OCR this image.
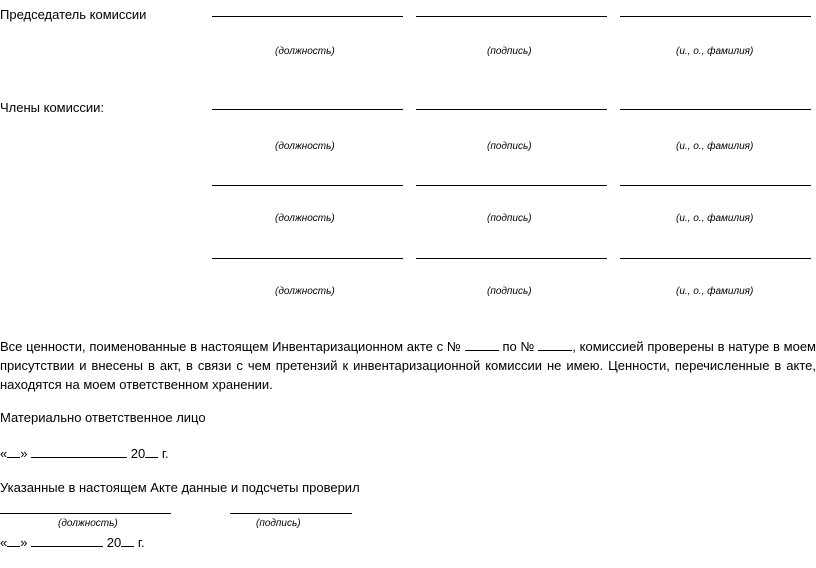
Председатель комиссии
(должность)	(подпись)	(и., о., фамилия)
Члены комиссии:
(должность)	(подпись)	(и., о., фамилия)
(должность)	(подпись)	(и., о., фамилия)
(должность)	(подпись)	(и., о., фамилия)
Все ценности, поименованные в настоящем Инвентаризационном акте с №	по №	, комиссией проверены в натуре в моем присутствии и внесены в акт, в связи с чем претензий к инвентаризационной комиссии не имею. Ценности, перечисленные в акте, находятся на моем ответственном хранении.
Материально ответственное лицо
« »	20 г.
Указанные в настоящем Акте данные и подсчеты проверил
(должность)	(подпись)
« »	20 г.
